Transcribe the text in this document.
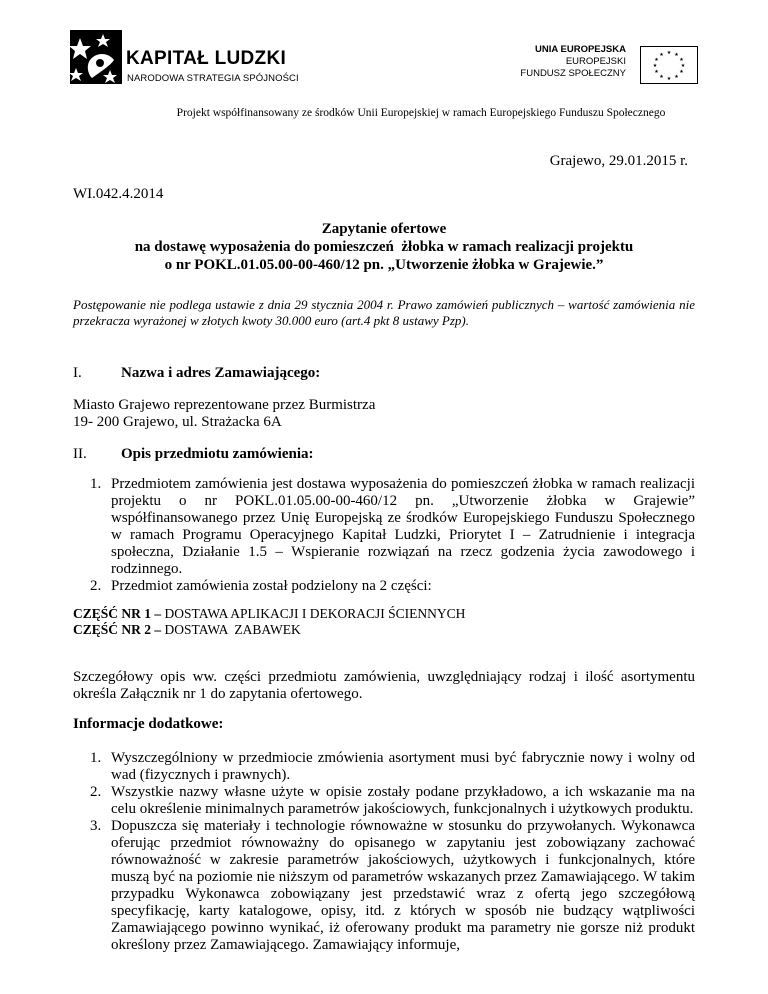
KAPITAŁ LUDZKI
NARODOWA STRATEGIA SPÓJNOŚCI
UNIA EUROPEJSKA
EUROPEJSKI
FUNDUSZ SPOŁECZNY
★ ★
★
★
★
★
★
★
★
★
★
★
Projekt współfinansowany ze środków Unii Europejskiej w ramach Europejskiego Funduszu Społecznego
Grajewo, 29.01.2015 r.
WI.042.4.2014
Zapytanie ofertowe
na dostawę wyposażenia do pomieszczeń  żłobka w ramach realizacji projektu
o nr POKL.01.05.00-00-460/12 pn. „Utworzenie żłobka w Grajewie.”
Postępowanie nie podlega ustawie z dnia 29 stycznia 2004 r. Prawo zamówień publicznych – wartość zamówienia nie przekracza wyrażonej w złotych kwoty 30.000 euro (art.4 pkt 8 ustawy Pzp).
I.	Nazwa i adres Zamawiającego:
Miasto Grajewo reprezentowane przez Burmistrza
19- 200 Grajewo, ul. Strażacka 6A
II. Opis przedmiotu zamówienia:
1. Przedmiotem zamówienia jest dostawa wyposażenia do pomieszczeń żłobka w ramach realizacji projektu o nr POKL.01.05.00-00-460/12 pn. „Utworzenie żłobka w Grajewie” współfinansowanego przez Unię Europejską ze środków Europejskiego Funduszu Społecznego w ramach Programu Operacyjnego Kapitał Ludzki, Priorytet I – Zatrudnienie i integracja społeczna, Działanie 1.5 – Wspieranie rozwiązań na rzecz godzenia życia zawodowego i rodzinnego.
2. Przedmiot zamówienia został podzielony na 2 części:
CZĘŚĆ NR 1 – DOSTAWA APLIKACJI I DEKORACJI ŚCIENNYCH
CZĘŚĆ NR 2 – DOSTAWA  ZABAWEK
Szczegółowy opis ww. części przedmiotu zamówienia, uwzględniający rodzaj i ilość asortymentu określa Załącznik nr 1 do zapytania ofertowego.
Informacje dodatkowe:
1. Wyszczególniony w przedmiocie zmówienia asortyment musi być fabrycznie nowy i wolny od wad (fizycznych i prawnych).
2. Wszystkie nazwy własne użyte w opisie zostały podane przykładowo, a ich wskazanie ma na celu określenie minimalnych parametrów jakościowych, funkcjonalnych i użytkowych produktu.
3. Dopuszcza się materiały i technologie równoważne w stosunku do przywołanych. Wykonawca oferując przedmiot równoważny do opisanego w zapytaniu jest zobowiązany zachować równoważność w zakresie parametrów jakościowych, użytkowych i funkcjonalnych, które muszą być na poziomie nie niższym od parametrów wskazanych przez Zamawiającego. W takim przypadku Wykonawca zobowiązany jest przedstawić wraz z ofertą jego szczegółową specyfikację, karty katalogowe, opisy, itd. z których w sposób nie budzący wątpliwości Zamawiającego powinno wynikać, iż oferowany produkt ma parametry nie gorsze niż produkt określony przez Zamawiającego. Zamawiający informuje,
